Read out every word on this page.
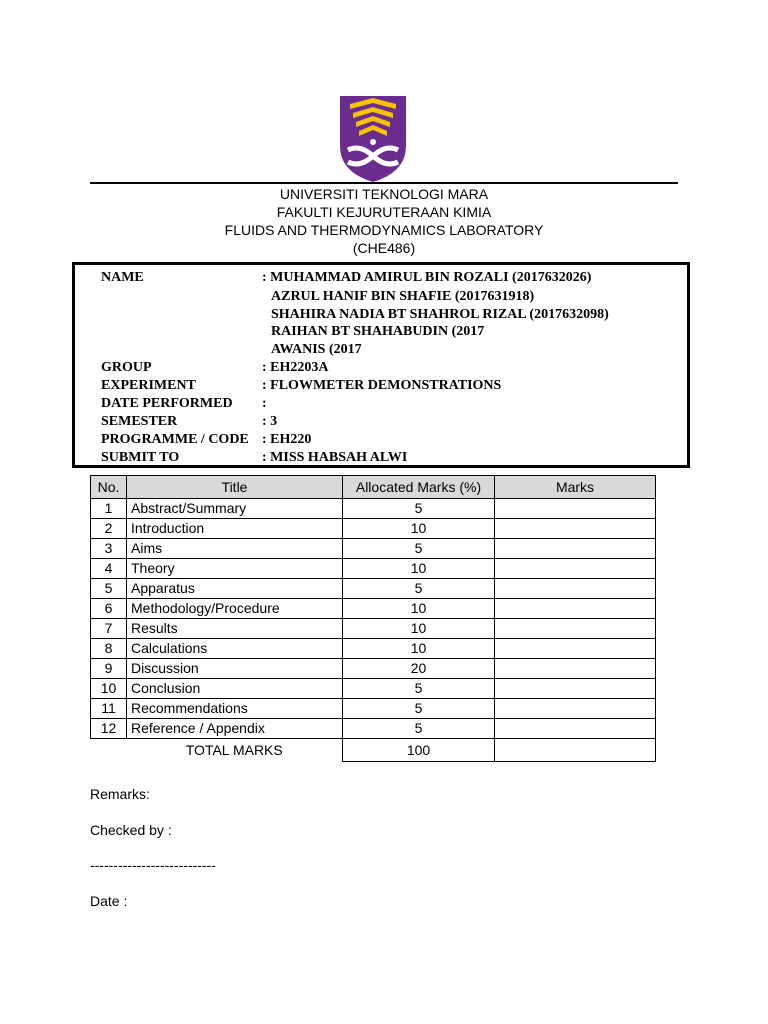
UNIVERSITI TEKNOLOGI MARA
FAKULTI KEJURUTERAAN KIMIA
FLUIDS AND THERMODYNAMICS LABORATORY
(CHE486)
NAME	: MUHAMMAD AMIRUL BIN ROZALI (2017632026)
AZRUL HANIF BIN SHAFIE (2017631918)
SHAHIRA NADIA BT SHAHROL RIZAL (2017632098)
RAIHAN BT SHAHABUDIN (2017
AWANIS (2017
GROUP	: EH2203A
EXPERIMENT	: FLOWMETER DEMONSTRATIONS
DATE PERFORMED :
SEMESTER	: 3
PROGRAMME / CODE : EH220
SUBMIT TO	: MISS HABSAH ALWI
No.	Title	Allocated Marks (%)	Marks
1	Abstract/Summary	5	
2	Introduction	10	
3	Aims	5	
4	Theory	10	
5	Apparatus	5	
6	Methodology/Procedure	10	
7	Results	10	
8	Calculations	10	
9	Discussion	20	
10	Conclusion	5	
11	Recommendations	5	
12	Reference / Appendix	5	
	TOTAL MARKS	100	
Remarks:
Checked by :
---------------------------
Date :
